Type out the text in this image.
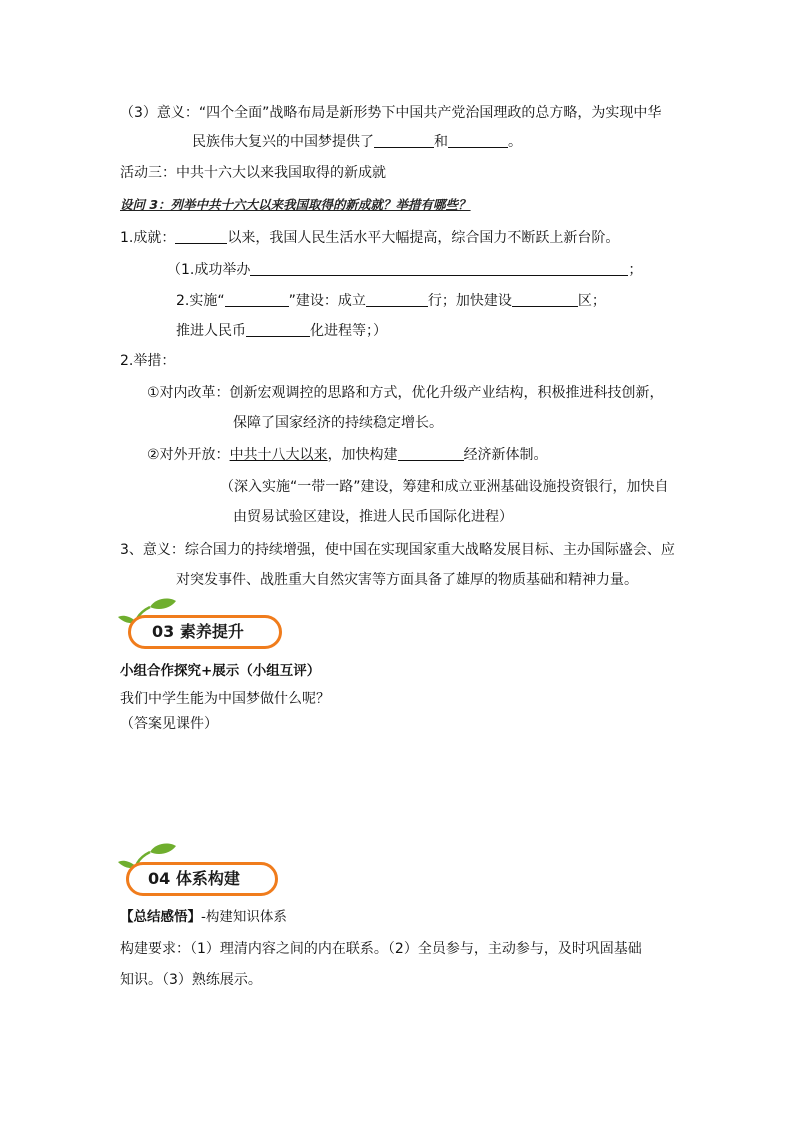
（3）意义：“四个全面”战略布局是新形势下中国共产党治国理政的总方略，为实现中华
民族伟大复兴的中国梦提供了	和	。
活动三：中共十六大以来我国取得的新成就
设问 3：列举中共十六大以来我国取得的新成就？举措有哪些？
1.成就：	以来，我国人民生活水平大幅提高，综合国力不断跃上新台阶。
（1.成功举办	；
2.实施“	”建设：成立	行；加快建设	区；
推进人民币	化进程等；）
2.举措：
①对内改革：创新宏观调控的思路和方式，优化升级产业结构，积极推进科技创新，
保障了国家经济的持续稳定增长。
②对外开放：中共十八大以来，加快构建	经济新体制。
（深入实施“一带一路”建设，筹建和成立亚洲基础设施投资银行，加快自
由贸易试验区建设，推进人民币国际化进程）
3、意义：综合国力的持续增强，使中国在实现国家重大战略发展目标、主办国际盛会、应
对突发事件、战胜重大自然灾害等方面具备了雄厚的物质基础和精神力量。
03 素养提升
小组合作探究+展示（小组互评）
我们中学生能为中国梦做什么呢？
（答案见课件）
04 体系构建
【总结感悟】-构建知识体系
构建要求：（1）理清内容之间的内在联系。（2）全员参与，主动参与，及时巩固基础
知识。（3）熟练展示。
